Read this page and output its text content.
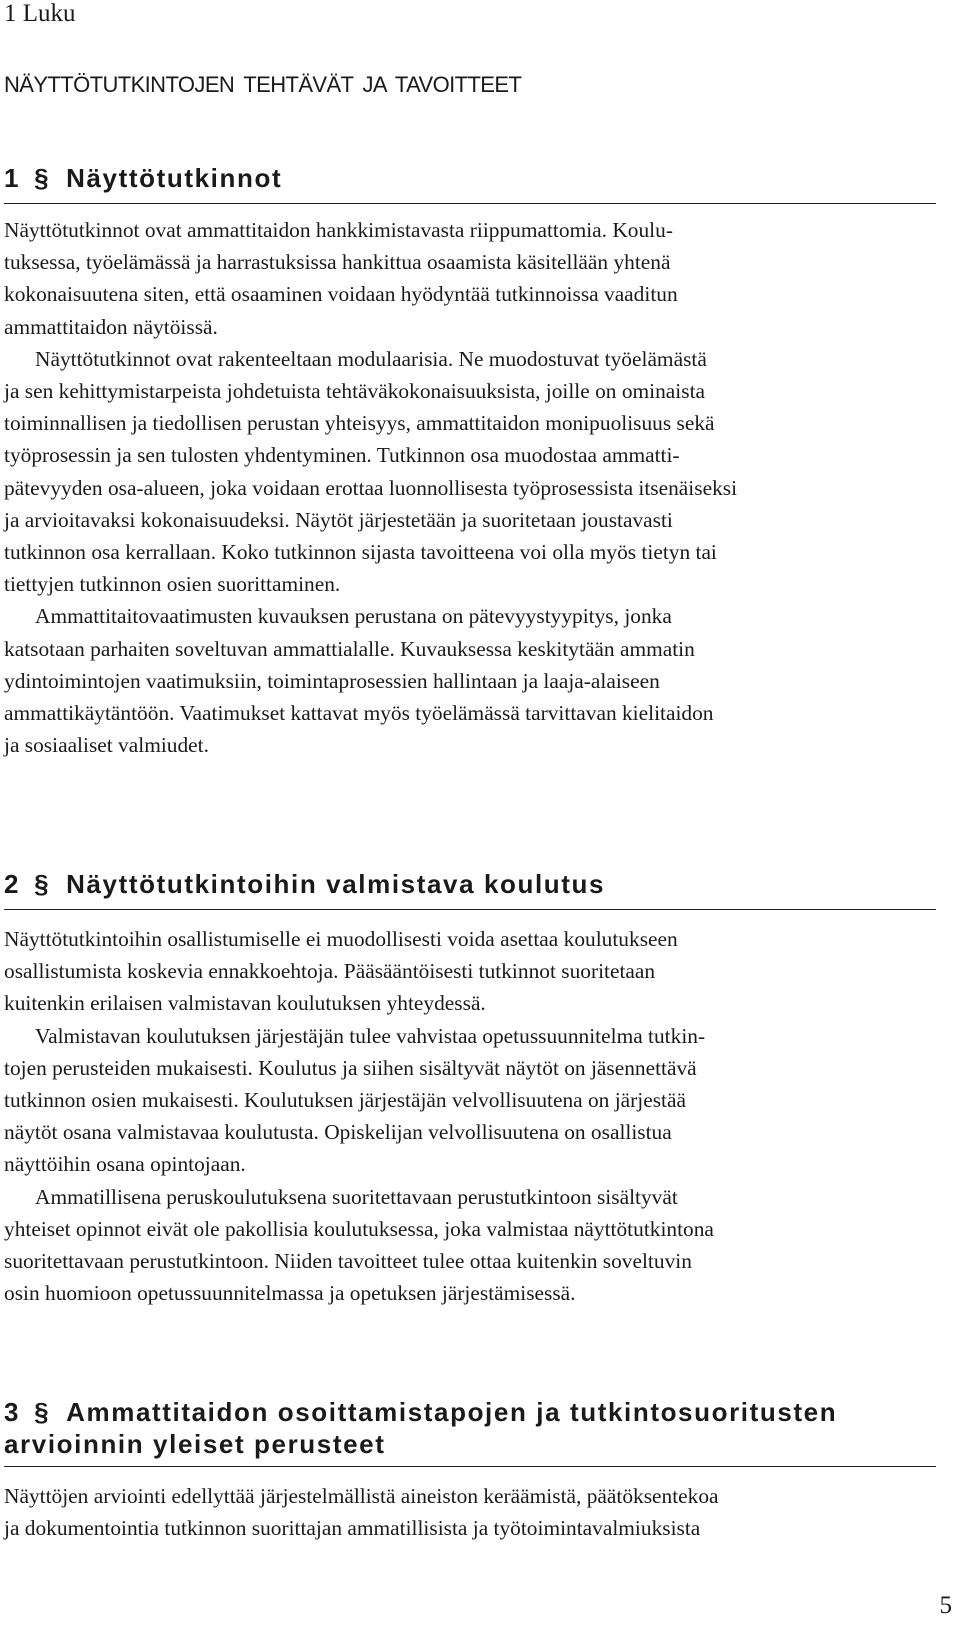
1 Luku
NÄYTTÖTUTKINTOJEN TEHTÄVÄT JA TAVOITTEET
1 § Näyttötutkinnot
Näyttötutkinnot ovat ammattitaidon hankkimistavasta riippumattomia. Koulu-
tuksessa, työelämässä ja harrastuksissa hankittua osaamista käsitellään yhtenä
kokonaisuutena siten, että osaaminen voidaan hyödyntää tutkinnoissa vaaditun
ammattitaidon näytöissä.
Näyttötutkinnot ovat rakenteeltaan modulaarisia. Ne muodostuvat työelämästä
ja sen kehittymistarpeista johdetuista tehtäväkokonaisuuksista, joille on ominaista
toiminnallisen ja tiedollisen perustan yhteisyys, ammattitaidon monipuolisuus sekä
työprosessin ja sen tulosten yhdentyminen. Tutkinnon osa muodostaa ammatti-
pätevyyden osa-alueen, joka voidaan erottaa luonnollisesta työprosessista itsenäiseksi
ja arvioitavaksi kokonaisuudeksi. Näytöt järjestetään ja suoritetaan joustavasti
tutkinnon osa kerrallaan. Koko tutkinnon sijasta tavoitteena voi olla myös tietyn tai
tiettyjen tutkinnon osien suorittaminen.
Ammattitaitovaatimusten kuvauksen perustana on pätevyystyypitys, jonka
katsotaan parhaiten soveltuvan ammattialalle. Kuvauksessa keskitytään ammatin
ydintoimintojen vaatimuksiin, toimintaprosessien hallintaan ja laaja-alaiseen
ammattikäytäntöön. Vaatimukset kattavat myös työelämässä tarvittavan kielitaidon
ja sosiaaliset valmiudet.
2 § Näyttötutkintoihin valmistava koulutus
Näyttötutkintoihin osallistumiselle ei muodollisesti voida asettaa koulutukseen
osallistumista koskevia ennakkoehtoja. Pääsääntöisesti tutkinnot suoritetaan
kuitenkin erilaisen valmistavan koulutuksen yhteydessä.
Valmistavan koulutuksen järjestäjän tulee vahvistaa opetussuunnitelma tutkin-
tojen perusteiden mukaisesti. Koulutus ja siihen sisältyvät näytöt on jäsennettävä
tutkinnon osien mukaisesti. Koulutuksen järjestäjän velvollisuutena on järjestää
näytöt osana valmistavaa koulutusta. Opiskelijan velvollisuutena on osallistua
näyttöihin osana opintojaan.
Ammatillisena peruskoulutuksena suoritettavaan perustutkintoon sisältyvät
yhteiset opinnot eivät ole pakollisia koulutuksessa, joka valmistaa näyttötutkintona
suoritettavaan perustutkintoon. Niiden tavoitteet tulee ottaa kuitenkin soveltuvin
osin huomioon opetussuunnitelmassa ja opetuksen järjestämisessä.
3 § Ammattitaidon osoittamistapojen ja tutkintosuoritusten
arvioinnin yleiset perusteet
Näyttöjen arviointi edellyttää järjestelmällistä aineiston keräämistä, päätöksentekoa
ja dokumentointia tutkinnon suorittajan ammatillisista ja työtoimintavalmiuksista
5
